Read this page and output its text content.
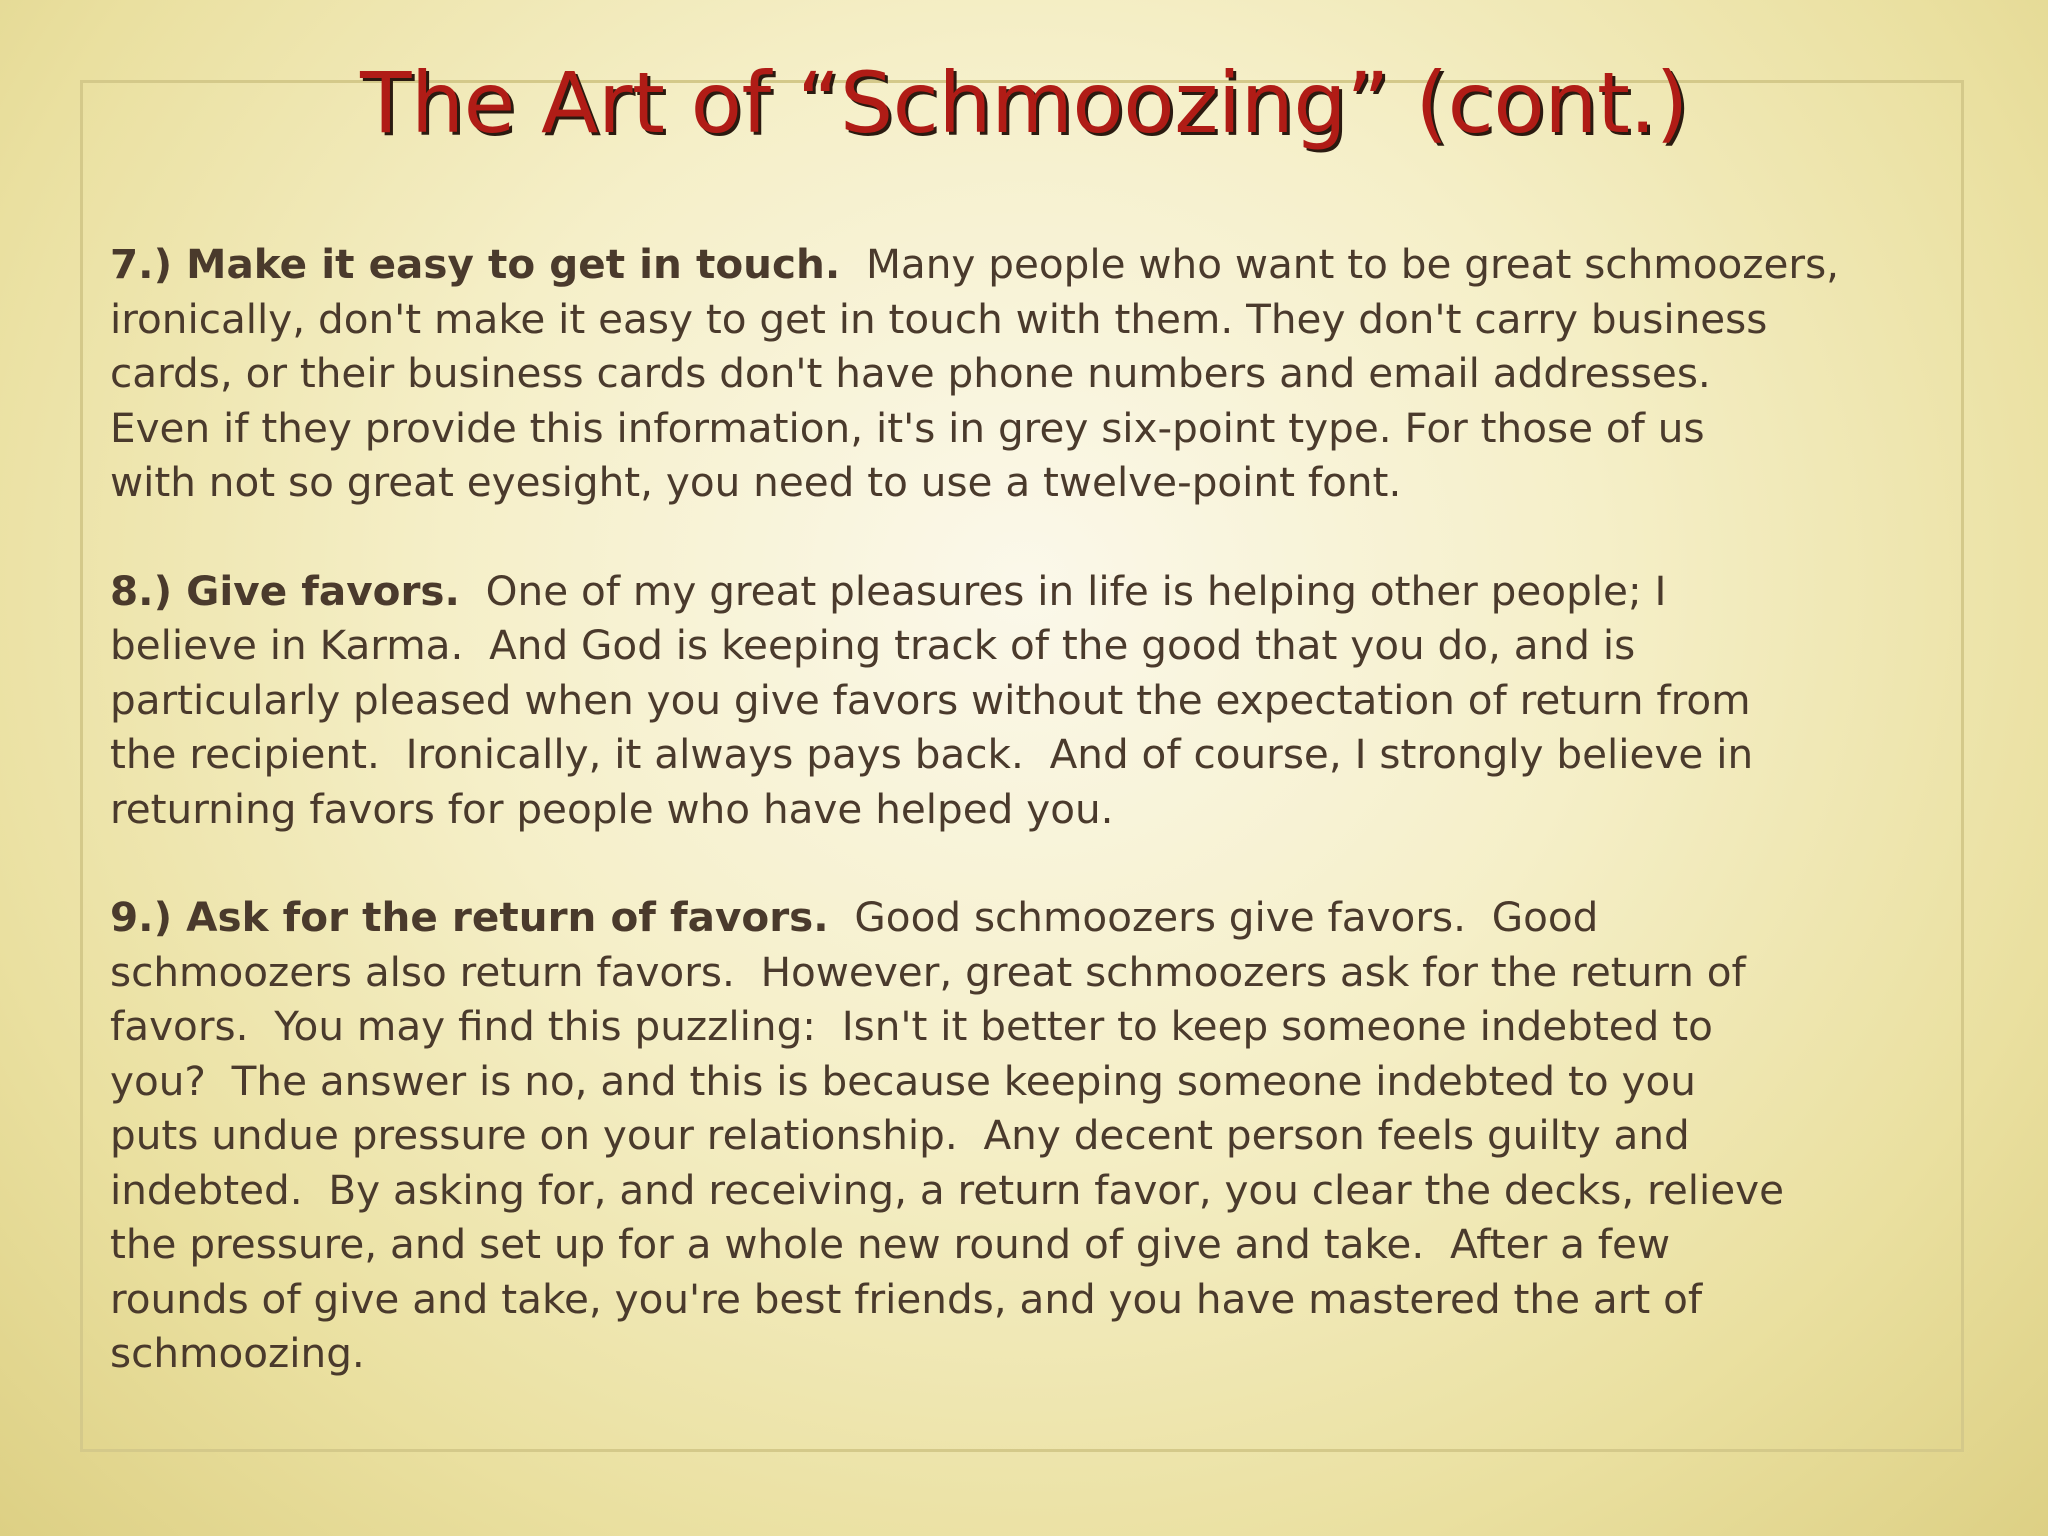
The Art of “Schmoozing” (cont.)

7.) Make it easy to get in touch.  Many people who want to be great schmoozers,
ironically, don't make it easy to get in touch with them. They don't carry business
cards, or their business cards don't have phone numbers and email addresses.
Even if they provide this information, it's in grey six-point type. For those of us
with not so great eyesight, you need to use a twelve-point font.

8.) Give favors.  One of my great pleasures in life is helping other people; I
believe in Karma.  And God is keeping track of the good that you do, and is
particularly pleased when you give favors without the expectation of return from
the recipient.  Ironically, it always pays back.  And of course, I strongly believe in
returning favors for people who have helped you.

9.) Ask for the return of favors.  Good schmoozers give favors.  Good
schmoozers also return favors.  However, great schmoozers ask for the return of
favors.  You may find this puzzling:  Isn't it better to keep someone indebted to
you?  The answer is no, and this is because keeping someone indebted to you
puts undue pressure on your relationship.  Any decent person feels guilty and
indebted.  By asking for, and receiving, a return favor, you clear the decks, relieve
the pressure, and set up for a whole new round of give and take.  After a few
rounds of give and take, you're best friends, and you have mastered the art of
schmoozing.
